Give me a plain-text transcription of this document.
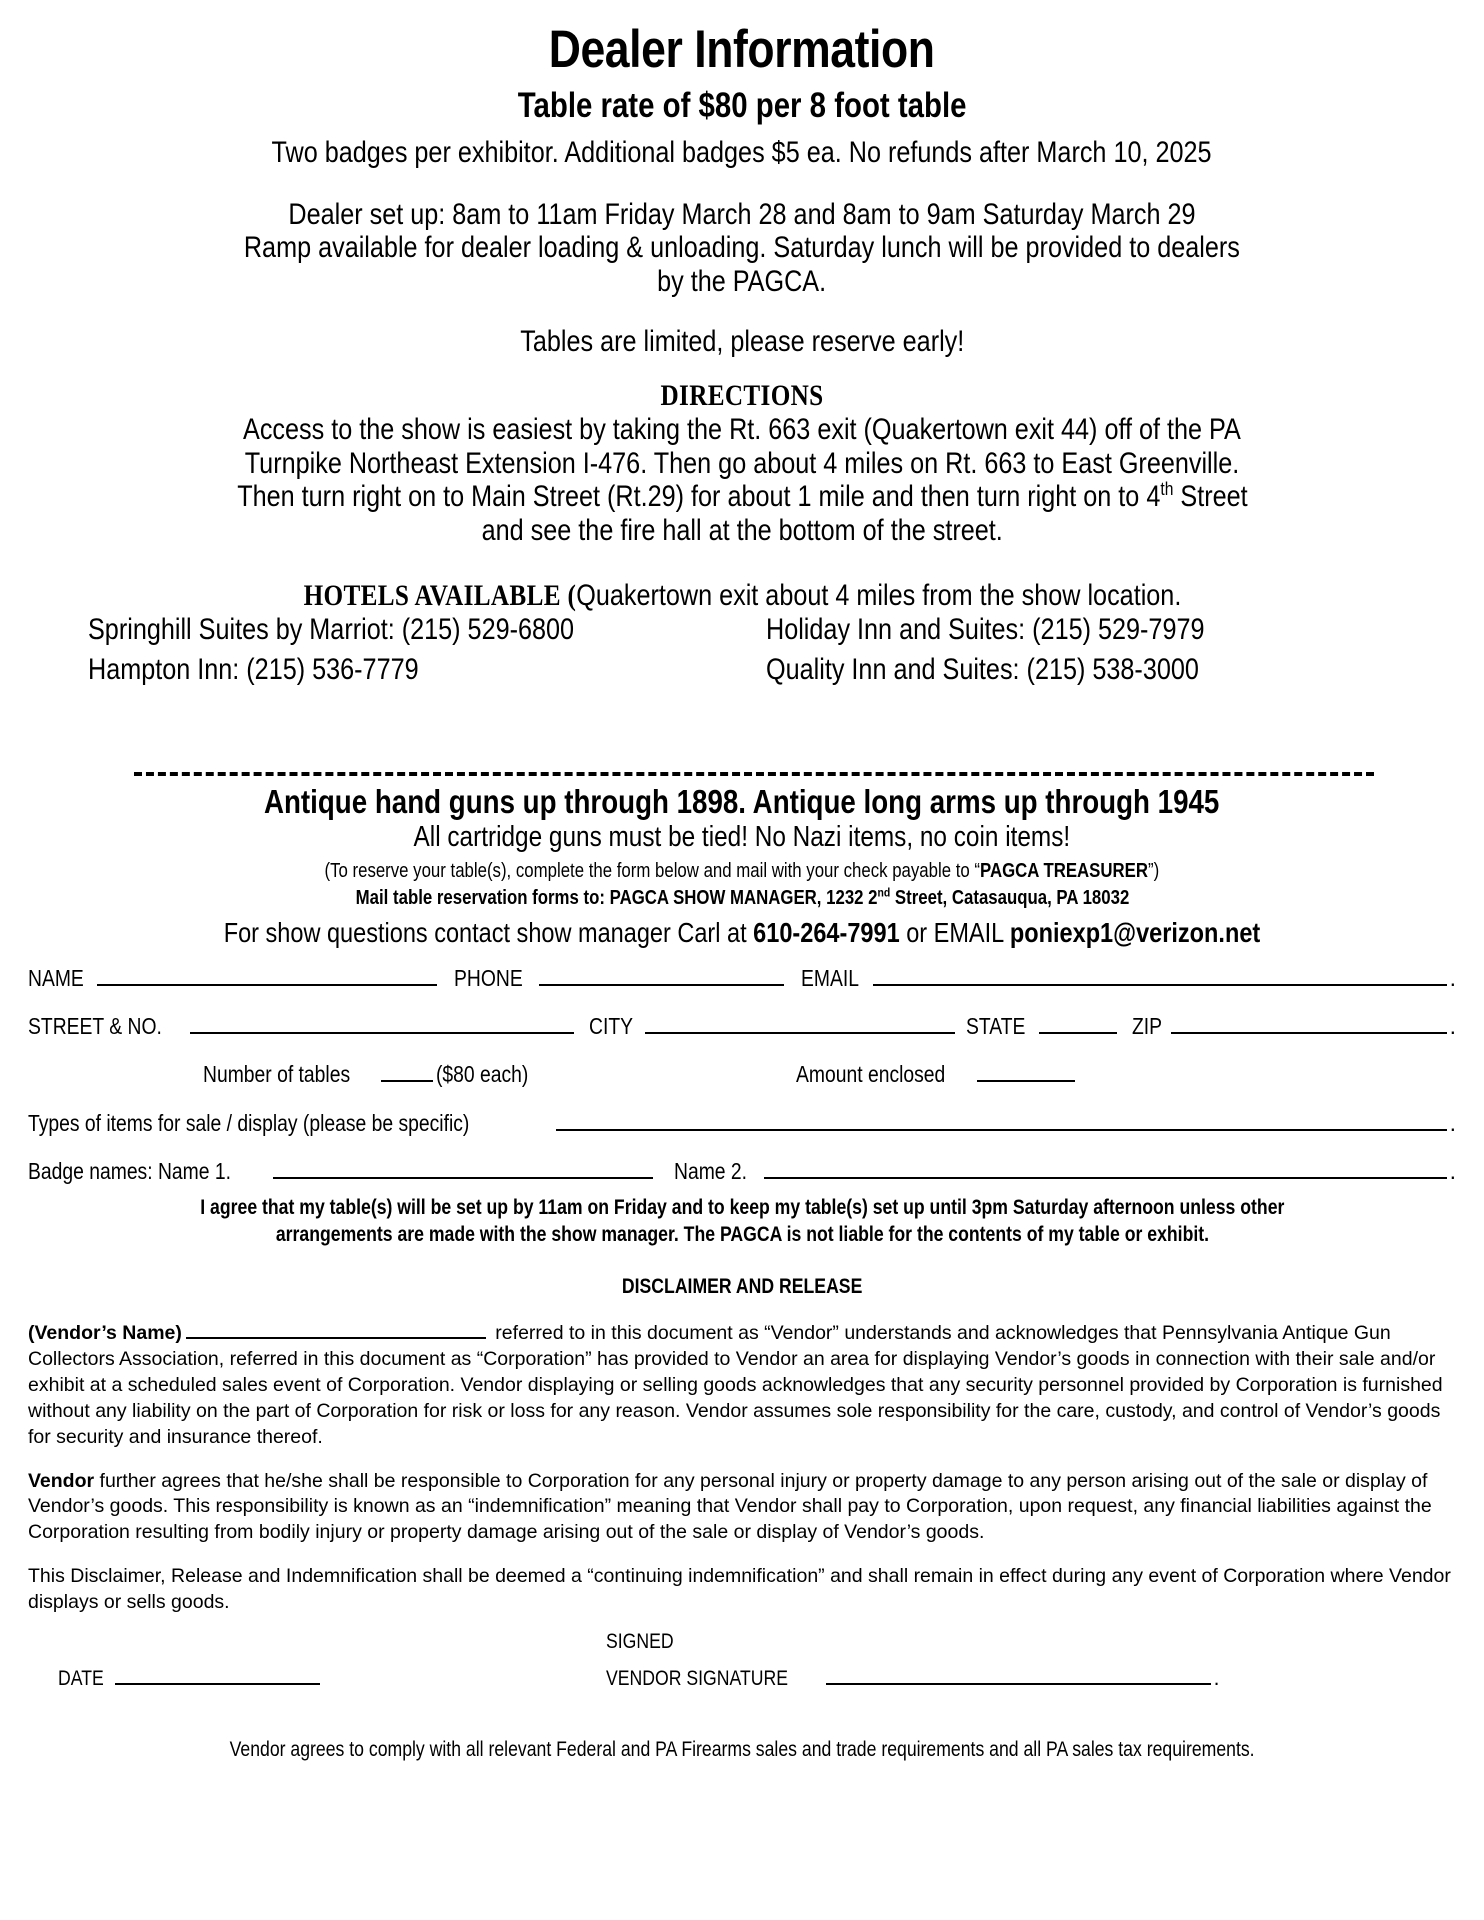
Dealer Information
Table rate of $80 per 8 foot table
Two badges per exhibitor. Additional badges $5 ea. No refunds after March 10, 2025
Dealer set up: 8am to 11am Friday March 28 and 8am to 9am Saturday March 29
Ramp available for dealer loading & unloading. Saturday lunch will be provided to dealers
by the PAGCA.
Tables are limited, please reserve early!
DIRECTIONS
Access to the show is easiest by taking the Rt. 663 exit (Quakertown exit 44) off of the PA
Turnpike Northeast Extension I-476. Then go about 4 miles on Rt. 663 to East Greenville.
Then turn right on to Main Street (Rt.29) for about 1 mile and then turn right on to 4th Street
and see the fire hall at the bottom of the street.
HOTELS AVAILABLE (Quakertown exit about 4 miles from the show location.
Springhill Suites by Marriot: (215) 529-6800	Holiday Inn and Suites: (215) 529-7979
Hampton Inn: (215) 536-7779	Quality Inn and Suites: (215) 538-3000
Antique hand guns up through 1898. Antique long arms up through 1945
All cartridge guns must be tied! No Nazi items, no coin items!
(To reserve your table(s), complete the form below and mail with your check payable to “PAGCA TREASURER”)
Mail table reservation forms to: PAGCA SHOW MANAGER, 1232 2nd Street, Catasauqua, PA 18032
For show questions contact show manager Carl at 610-264-7991 or EMAIL poniexp1@verizon.net
NAME	PHONE	EMAIL	.
STREET & NO.	CITY	STATE	ZIP	.
Number of tables	($80 each)	Amount enclosed
Types of items for sale / display (please be specific)	.
Badge names: Name 1.	Name 2.	.
I agree that my table(s) will be set up by 11am on Friday and to keep my table(s) set up until 3pm Saturday afternoon unless other
arrangements are made with the show manager. The PAGCA is not liable for the contents of my table or exhibit.
DISCLAIMER AND RELEASE
(Vendor’s Name)	referred to in this document as “Vendor” understands and acknowledges that Pennsylvania Antique Gun Collectors Association, referred in this document as “Corporation” has provided to Vendor an area for displaying Vendor’s goods in connection with their sale and/or exhibit at a scheduled sales event of Corporation. Vendor displaying or selling goods acknowledges that any security personnel provided by Corporation is furnished without any liability on the part of Corporation for risk or loss for any reason. Vendor assumes sole responsibility for the care, custody, and control of Vendor’s goods for security and insurance thereof.
Vendor further agrees that he/she shall be responsible to Corporation for any personal injury or property damage to any person arising out of the sale or display of Vendor’s goods. This responsibility is known as an “indemnification” meaning that Vendor shall pay to Corporation, upon request, any financial liabilities against the Corporation resulting from bodily injury or property damage arising out of the sale or display of Vendor’s goods.
This Disclaimer, Release and Indemnification shall be deemed a “continuing indemnification” and shall remain in effect during any event of Corporation where Vendor displays or sells goods.
SIGNED
DATE	VENDOR SIGNATURE	.
Vendor agrees to comply with all relevant Federal and PA Firearms sales and trade requirements and all PA sales tax requirements.
